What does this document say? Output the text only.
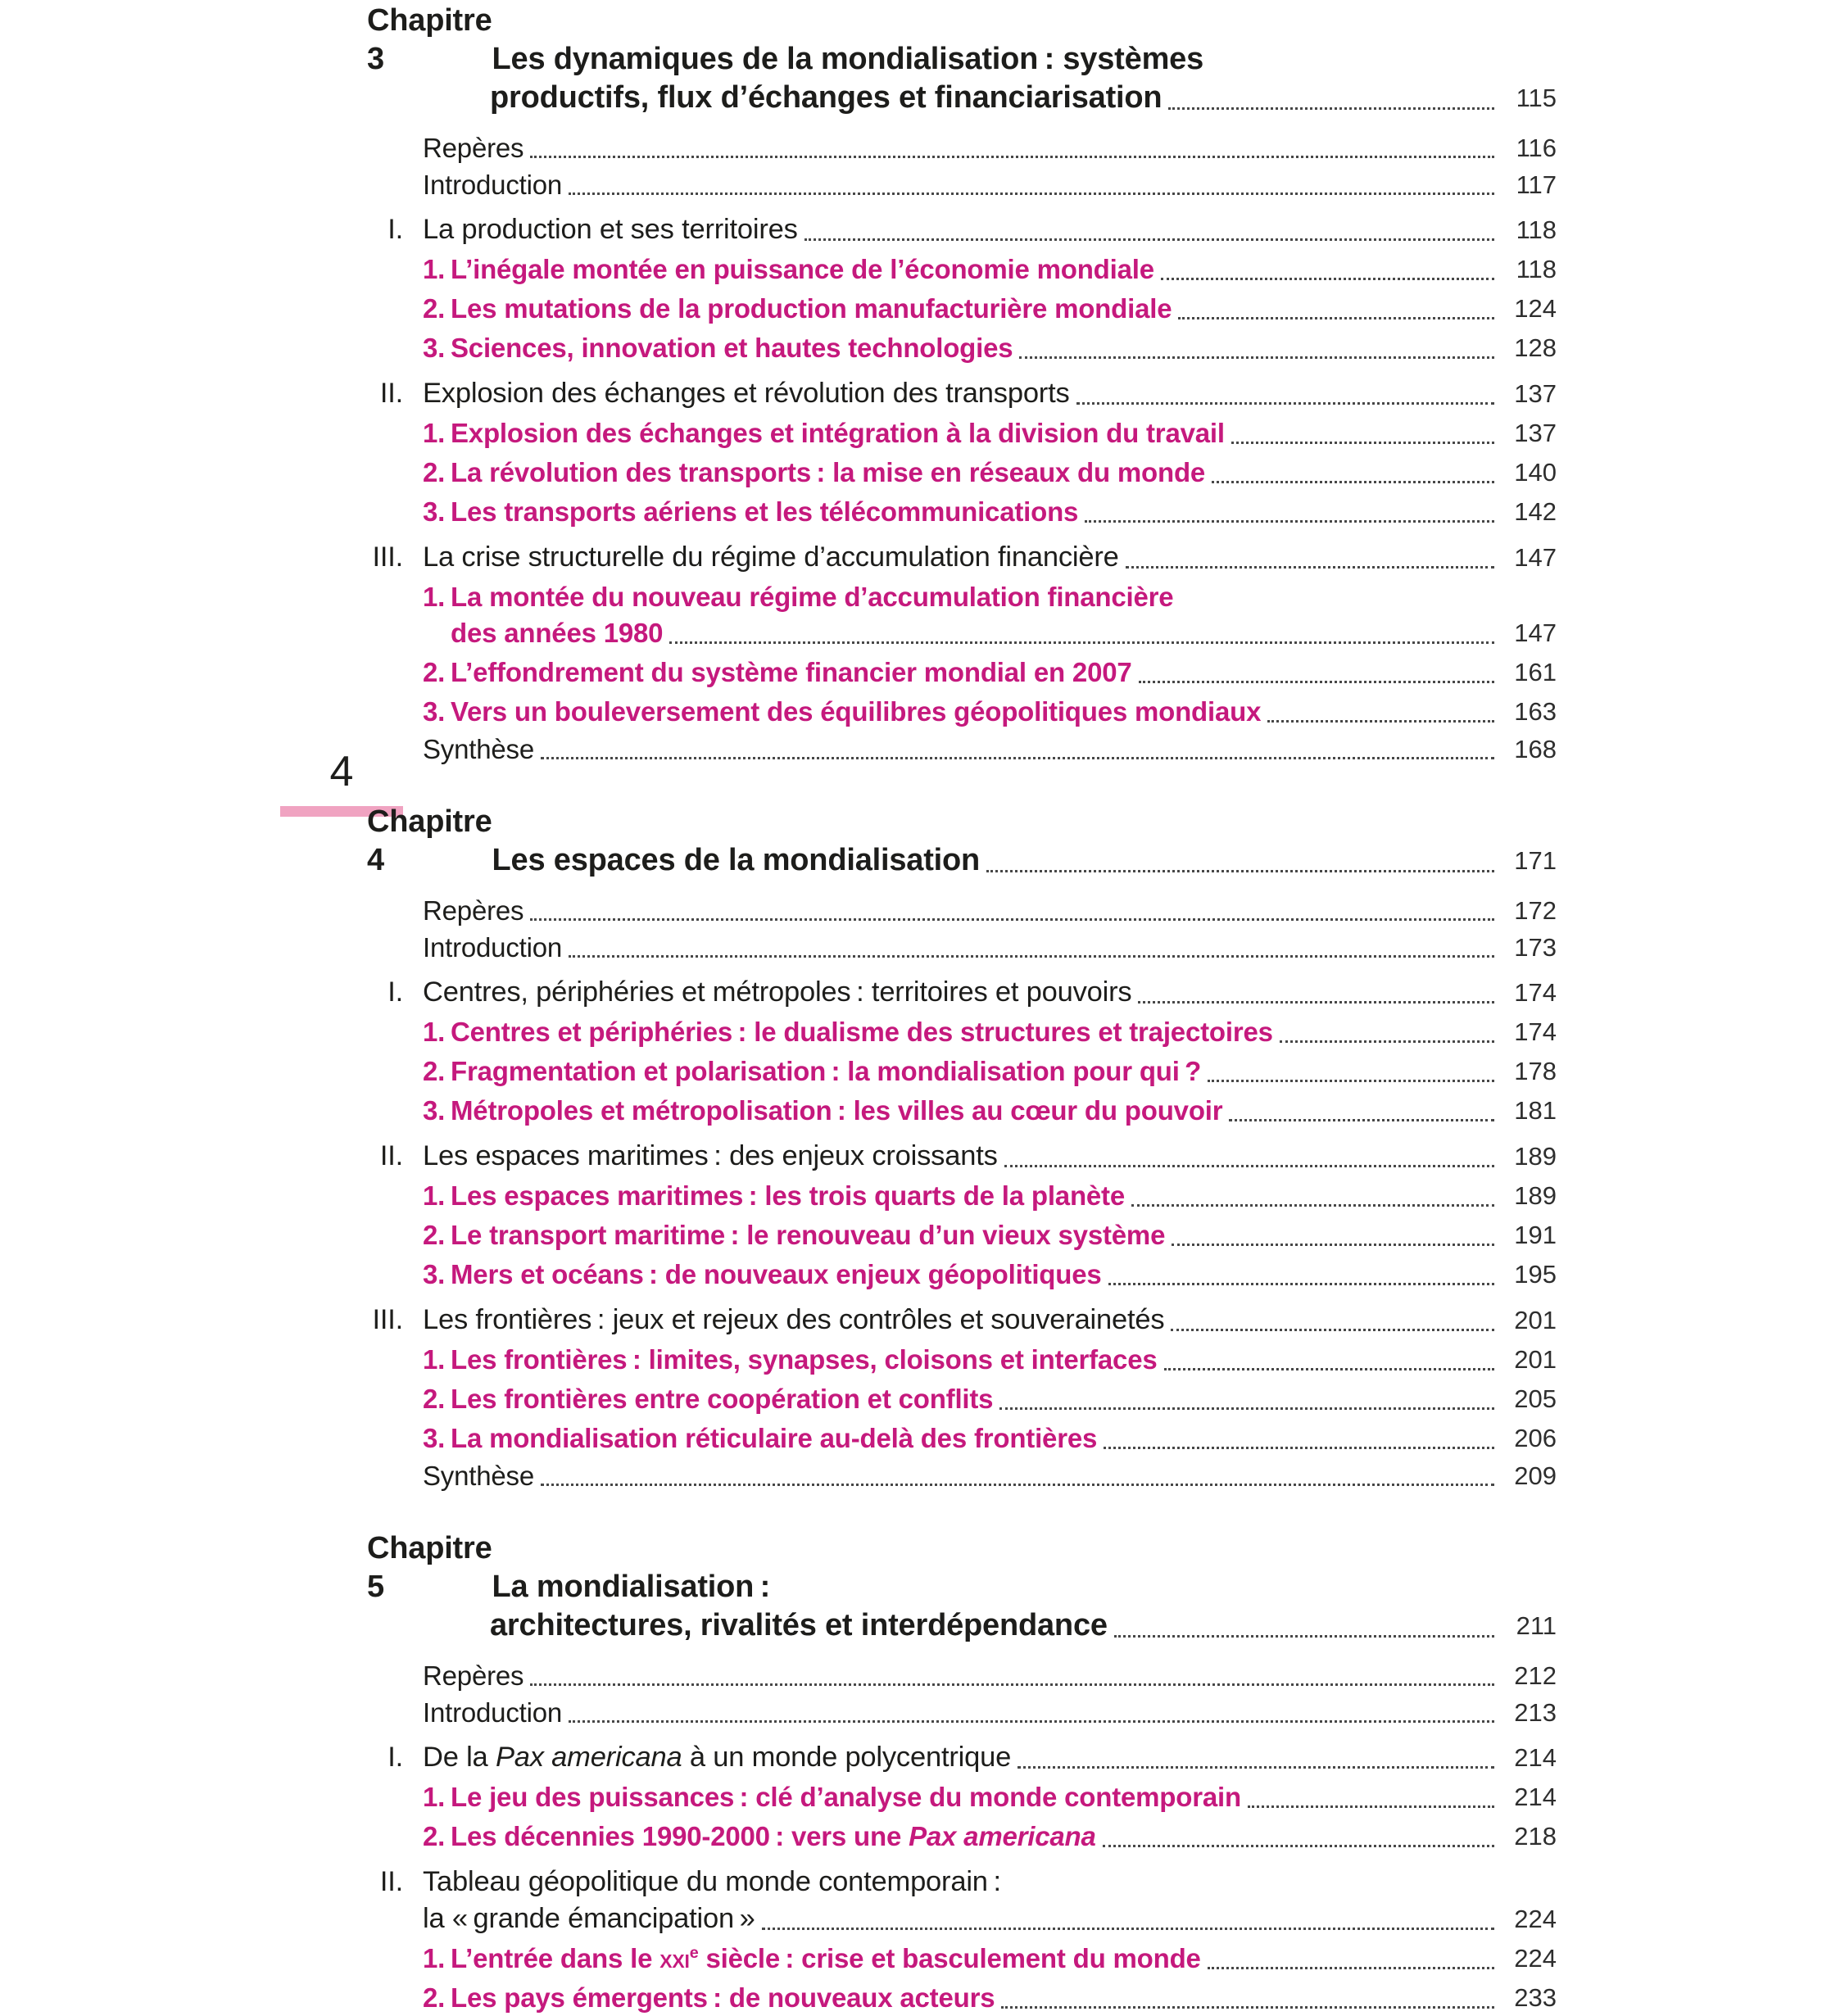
4
Chapitre 3	Les dynamiques de la mondialisation : systèmes
productifs, flux d’échanges et financiarisation	115
Repères	116
Introduction	117
I. La production et ses territoires	118
1. L’inégale montée en puissance de l’économie mondiale	118
2. Les mutations de la production manufacturière mondiale	124
3. Sciences, innovation et hautes technologies	128
II. Explosion des échanges et révolution des transports	137
1. Explosion des échanges et intégration à la division du travail	137
2. La révolution des transports : la mise en réseaux du monde	140
3. Les transports aériens et les télécommunications	142
III. La crise structurelle du régime d’accumulation financière	147
1. La montée du nouveau régime d’accumulation financière
des années 1980	147
2. L’effondrement du système financier mondial en 2007	161
3. Vers un bouleversement des équilibres géopolitiques mondiaux	163
Synthèse	168
Chapitre 4	Les espaces de la mondialisation	171
Repères	172
Introduction	173
I. Centres, périphéries et métropoles : territoires et pouvoirs	174
1. Centres et périphéries : le dualisme des structures et trajectoires	174
2. Fragmentation et polarisation : la mondialisation pour qui ?	178
3. Métropoles et métropolisation : les villes au cœur du pouvoir	181
II. Les espaces maritimes : des enjeux croissants	189
1. Les espaces maritimes : les trois quarts de la planète	189
2. Le transport maritime : le renouveau d’un vieux système	191
3. Mers et océans : de nouveaux enjeux géopolitiques	195
III. Les frontières : jeux et rejeux des contrôles et souverainetés	201
1. Les frontières : limites, synapses, cloisons et interfaces	201
2. Les frontières entre coopération et conflits	205
3. La mondialisation réticulaire au-delà des frontières	206
Synthèse	209
Chapitre 5	La mondialisation :
architectures, rivalités et interdépendance	211
Repères	212
Introduction	213
I. De la Pax americana à un monde polycentrique	214
1. Le jeu des puissances : clé d’analyse du monde contemporain	214
2. Les décennies 1990-2000 : vers une Pax americana	218
II. Tableau géopolitique du monde contemporain :
la « grande émancipation »	224
1. L’entrée dans le xxi$^e$ siècle : crise et basculement du monde	224
2. Les pays émergents : de nouveaux acteurs	233
